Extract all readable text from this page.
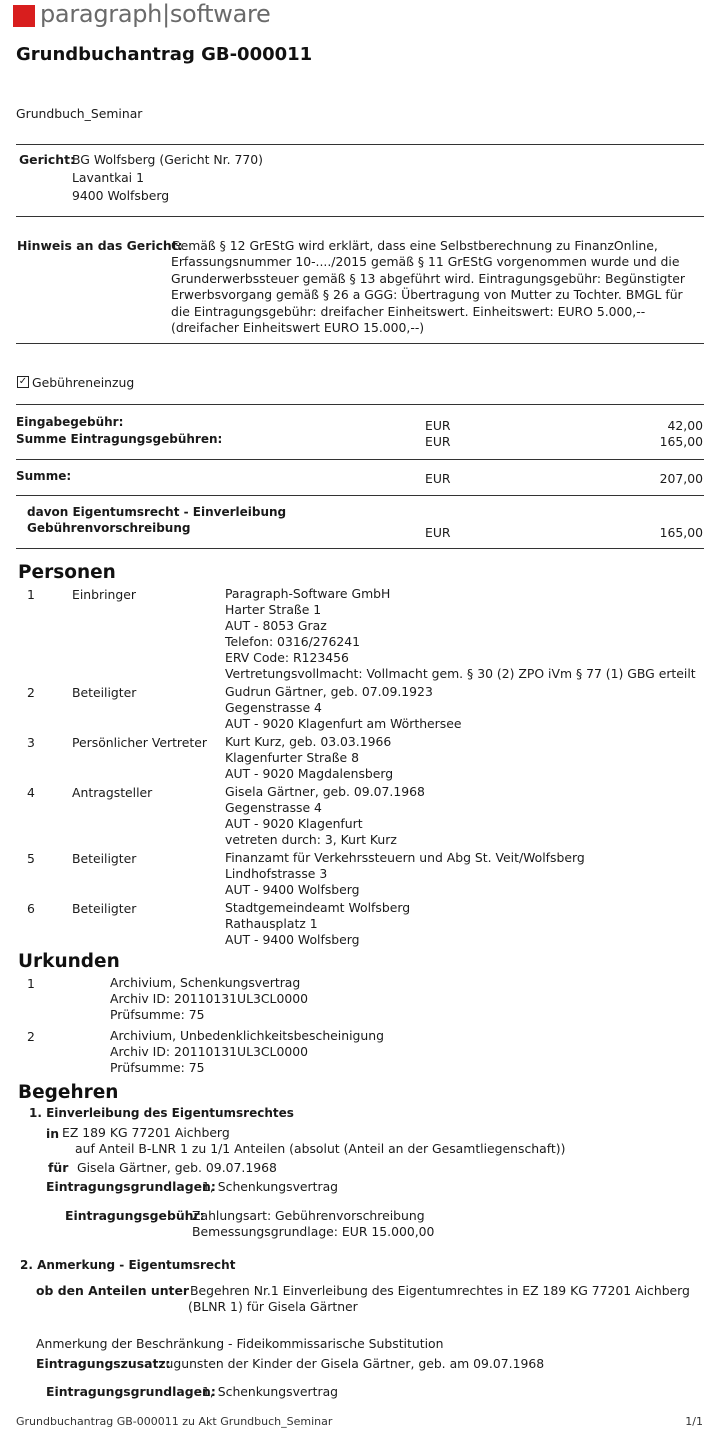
paragraph|software
Grundbuchantrag GB-000011
Grundbuch_Seminar
Gericht:
BG Wolfsberg (Gericht Nr. 770)
Lavantkai 1
9400 Wolfsberg
Hinweis an das Gericht:
Gemäß § 12 GrEStG wird erklärt, dass eine Selbstberechnung zu FinanzOnline, Erfassungsnummer 10-..../2015 gemäß § 11 GrEStG vorgenommen wurde und die Grunderwerbssteuer gemäß § 13 abgeführt wird. Eintragungsgebühr: Begünstigter Erwerbsvorgang gemäß § 26 a GGG: Übertragung von Mutter zu Tochter. BMGL für die Eintragungsgebühr: dreifacher Einheitswert. Einheitswert: EURO 5.000,-- (dreifacher Einheitswert EURO 15.000,--)
✓ Gebühreneinzug
Eingabegebühr:	EUR	42,00
Summe Eintragungsgebühren:	EUR	165,00
Summe:	EUR	207,00
davon Eigentumsrecht - Einverleibung
Gebührenvorschreibung	EUR	165,00
Personen
1	Einbringer	Paragraph-Software GmbH
Harter Straße 1
AUT - 8053 Graz
Telefon: 0316/276241
ERV Code: R123456
Vertretungsvollmacht: Vollmacht gem. § 30 (2) ZPO iVm § 77 (1) GBG erteilt
2	Beteiligter	Gudrun Gärtner, geb. 07.09.1923
Gegenstrasse 4
AUT - 9020 Klagenfurt am Wörthersee
3	Persönlicher Vertreter Kurt Kurz, geb. 03.03.1966
Klagenfurter Straße 8
AUT - 9020 Magdalensberg
4	Antragsteller	Gisela Gärtner, geb. 09.07.1968
Gegenstrasse 4
AUT - 9020 Klagenfurt
vetreten durch: 3, Kurt Kurz
5	Beteiligter	Finanzamt für Verkehrssteuern und Abg St. Veit/Wolfsberg
Lindhofstrasse 3
AUT - 9400 Wolfsberg
6	Beteiligter	Stadtgemeindeamt Wolfsberg
Rathausplatz 1
AUT - 9400 Wolfsberg
Urkunden
1	Archivium, Schenkungsvertrag
Archiv ID: 20110131UL3CL0000
Prüfsumme: 75
2	Archivium, Unbedenklichkeitsbescheinigung
Archiv ID: 20110131UL3CL0000
Prüfsumme: 75
Begehren
1. Einverleibung des Eigentumsrechtes
in EZ 189 KG 77201 Aichberg
auf Anteil B-LNR 1 zu 1/1 Anteilen (absolut (Anteil an der Gesamtliegenschaft))
für Gisela Gärtner, geb. 09.07.1968
Eintragungsgrundlagen:
1, Schenkungsvertrag
Eintragungsgebühr:
Zahlungsart: Gebührenvorschreibung
Bemessungsgrundlage: EUR 15.000,00
2. Anmerkung - Eigentumsrecht
ob den Anteilen unter Begehren Nr.1 Einverleibung des Eigentumrechtes in EZ 189 KG 77201 Aichberg
(BLNR 1) für Gisela Gärtner
Anmerkung der Beschränkung - Fideikommissarische Substitution
Eintragungszusatz:
zugunsten der Kinder der Gisela Gärtner, geb. am 09.07.1968
Eintragungsgrundlagen:
1, Schenkungsvertrag
Grundbuchantrag GB-000011 zu Akt Grundbuch_Seminar	1/1
